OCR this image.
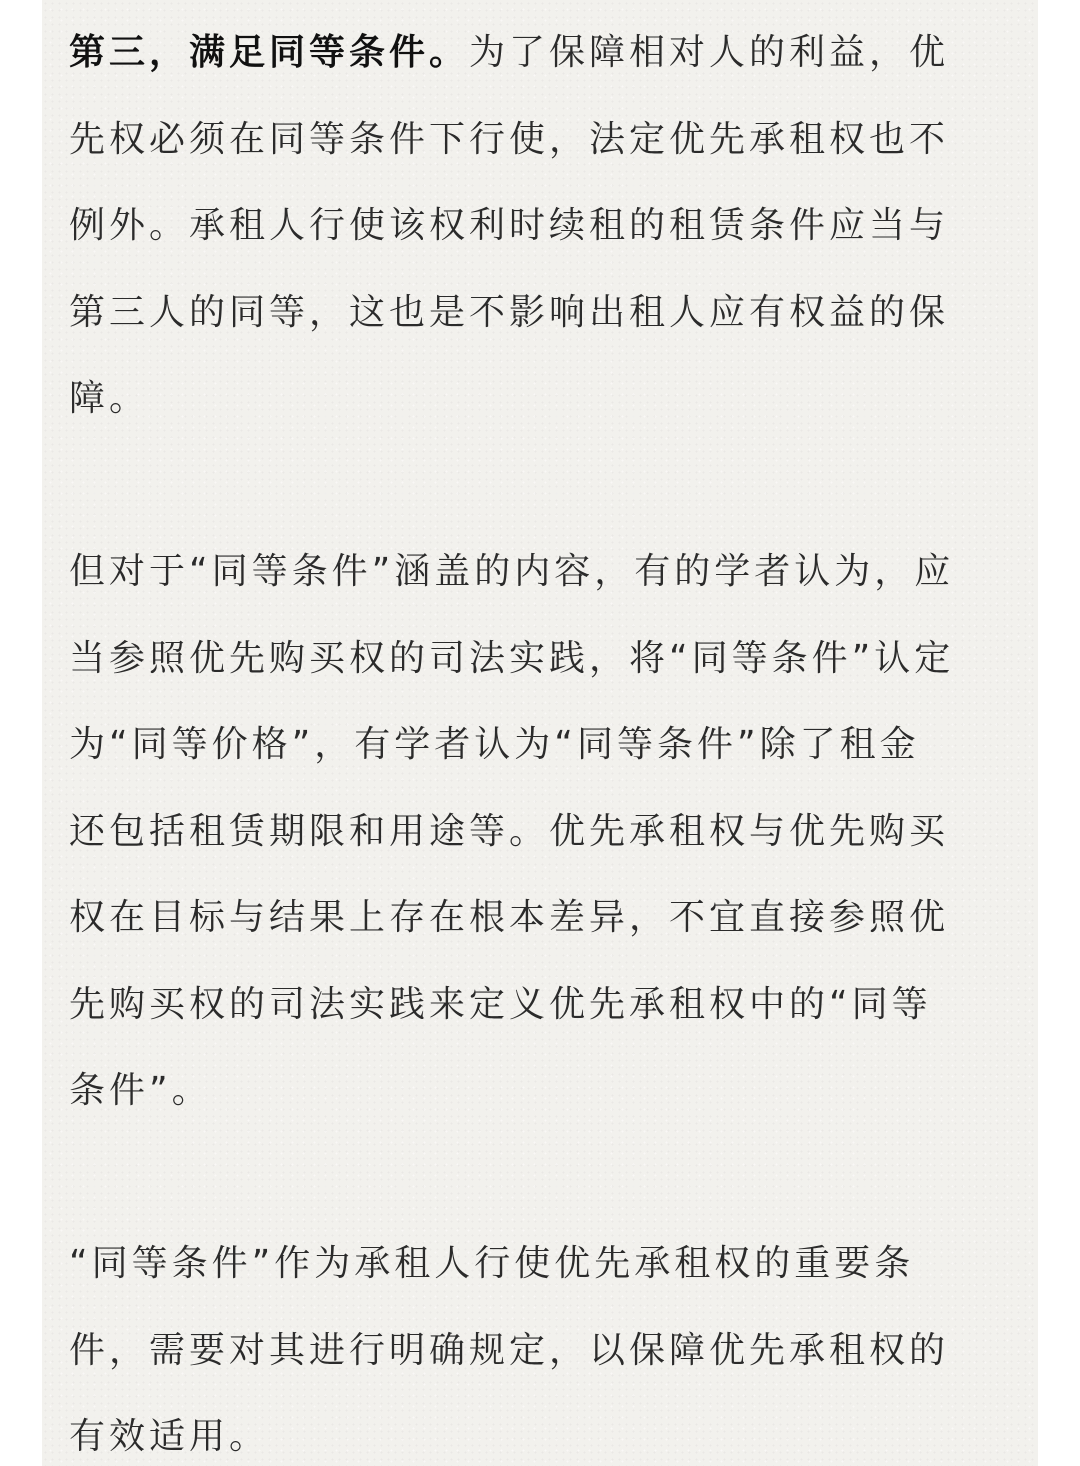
第三，满足同等条件。为了保障相对人的利益，优
先权必须在同等条件下行使，法定优先承租权也不
例外。承租人行使该权利时续租的租赁条件应当与
第三人的同等，这也是不影响出租人应有权益的保
障。

但对于“同等条件”涵盖的内容，有的学者认为，应
当参照优先购买权的司法实践，将“同等条件”认定
为“同等价格”，有学者认为“同等条件”除了租金
还包括租赁期限和用途等。优先承租权与优先购买
权在目标与结果上存在根本差异，不宜直接参照优
先购买权的司法实践来定义优先承租权中的“同等
条件”。

“同等条件”作为承租人行使优先承租权的重要条
件，需要对其进行明确规定，以保障优先承租权的
有效适用。
